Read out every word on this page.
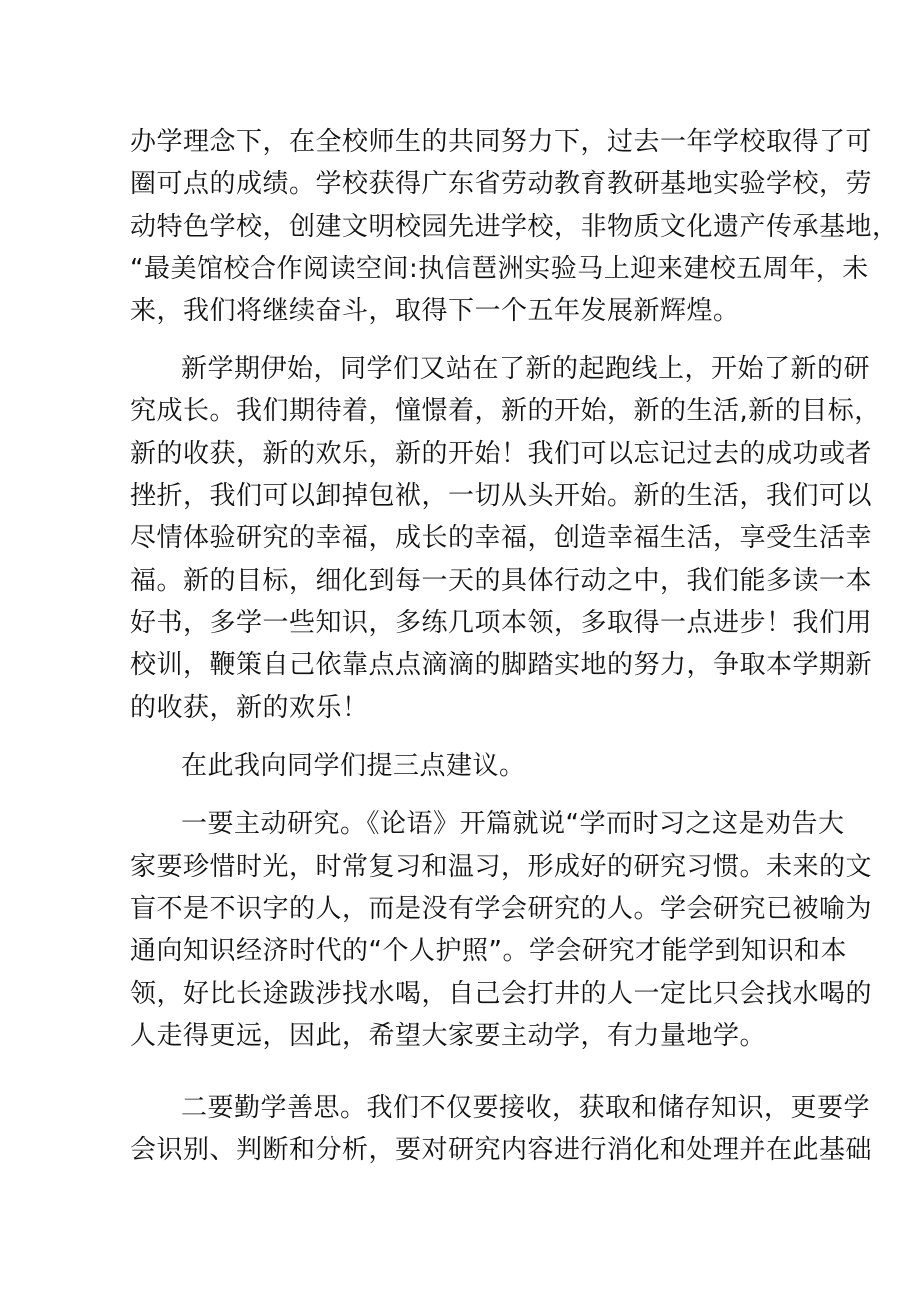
办学理念下，在全校师生的共同努力下，过去一年学校取得了可
圈可点的成绩。学校获得广东省劳动教育教研基地实验学校，劳
动特色学校，创建文明校园先进学校，非物质文化遗产传承基地，
“最美馆校合作阅读空间:执信琶洲实验马上迎来建校五周年，未
来，我们将继续奋斗，取得下一个五年发展新辉煌。
新学期伊始，同学们又站在了新的起跑线上，开始了新的研
究成长。我们期待着，憧憬着，新的开始，新的生活,新的目标，
新的收获，新的欢乐，新的开始！我们可以忘记过去的成功或者
挫折，我们可以卸掉包袱，一切从头开始。新的生活，我们可以
尽情体验研究的幸福，成长的幸福，创造幸福生活，享受生活幸
福。新的目标，细化到每一天的具体行动之中，我们能多读一本
好书，多学一些知识，多练几项本领，多取得一点进步！我们用
校训，鞭策自己依靠点点滴滴的脚踏实地的努力，争取本学期新
的收获，新的欢乐！
在此我向同学们提三点建议。
一要主动研究。《论语》开篇就说“学而时习之这是劝告大
家要珍惜时光，时常复习和温习，形成好的研究习惯。未来的文
盲不是不识字的人，而是没有学会研究的人。学会研究已被喻为
通向知识经济时代的“个人护照”。学会研究才能学到知识和本
领，好比长途跋涉找水喝，自己会打井的人一定比只会找水喝的
人走得更远，因此，希望大家要主动学，有力量地学。
二要勤学善思。我们不仅要接收，获取和储存知识，更要学
会识别、判断和分析，要对研究内容进行消化和处理并在此基础
